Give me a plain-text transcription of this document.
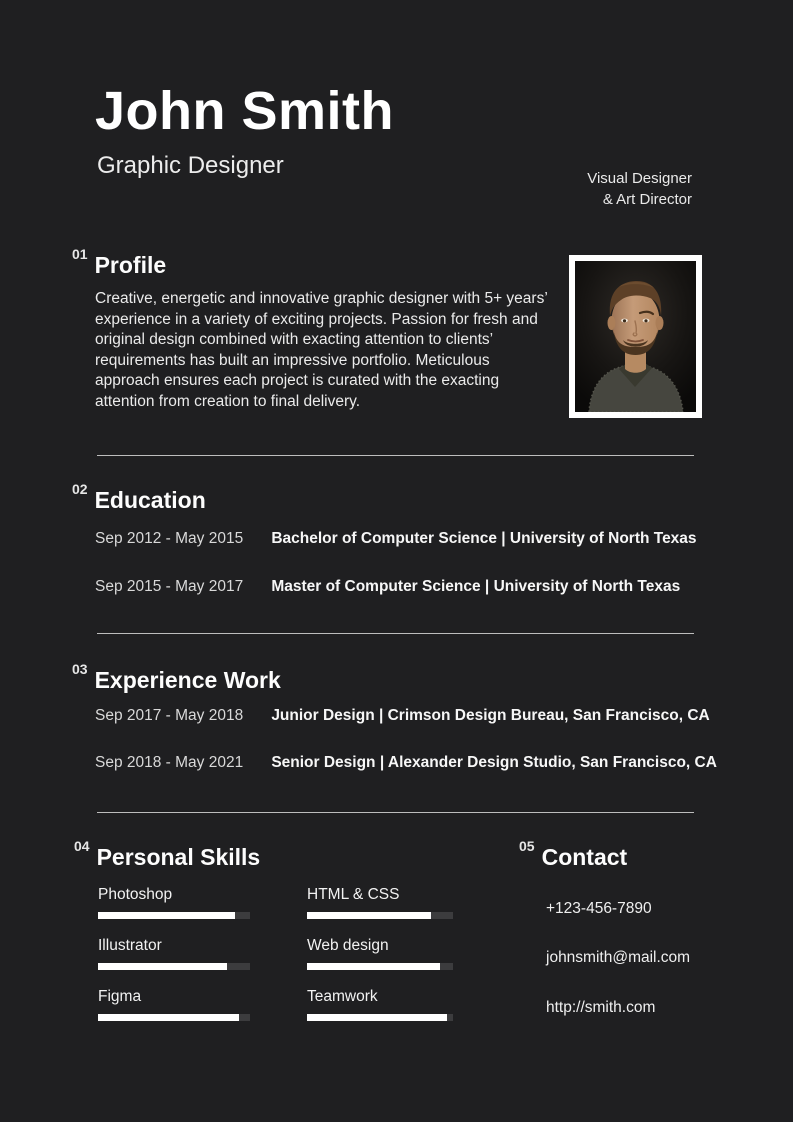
John Smith
Graphic Designer	Visual Designer
& Art Director
01 Profile
Creative, energetic and innovative graphic designer with 5+ years’ experience in a variety of exciting projects. Passion for fresh and original design combined with exacting attention to clients’ requirements has built an impressive portfolio. Meticulous approach ensures each project is curated with the exacting attention from creation to final delivery.
02 Education
Sep 2012 - May 2015 Bachelor of Computer Science | University of North Texas
Sep 2015 - May 2017 Master of Computer Science | University of North Texas
03 Experience Work
Sep 2017 - May 2018 Junior Design | Crimson Design Bureau, San Francisco, CA
Sep 2018 - May 2021 Senior Design | Alexander Design Studio, San Francisco, CA
04 Personal Skills	05 Contact
Photoshop
Illustrator
Figma
HTML & CSS
Web design
Teamwork
+123-456-7890
johnsmith@mail.com
http://smith.com
